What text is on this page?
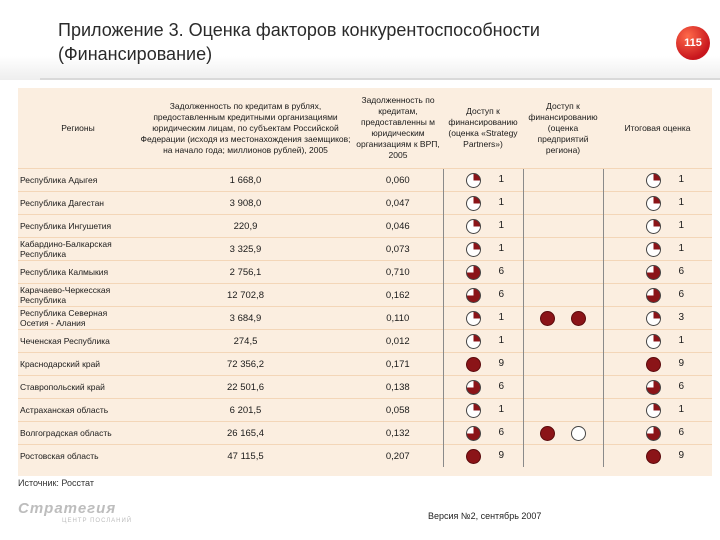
Приложение 3. Оценка факторов конкурентоспособности (Финансирование)
115
Регионы	Задолженность по кредитам в рублях, предоставленным кредитными организациями юридическим лицам, по субъектам Российской Федерации (исходя из местонахождения заемщиков; на начало года; миллионов рублей), 2005	Задолженность по кредитам, предоставленны м юридическим организациям к ВРП, 2005	Доступ к финансированию (оценка «Strategy Partners»)	Доступ к финансированию (оценка предприятий региона)	Итоговая оценка
Республика Адыгея	1 668,0	0,060	1		1
Республика Дагестан	3 908,0	0,047	1		1
Республика Ингушетия	220,9	0,046	1		1
Кабардино-Балкарская Республика	3 325,9	0,073	1		1
Республика Калмыкия	2 756,1	0,710	6		6
Карачаево-Черкесская Республика	12 702,8	0,162	6		6
Республика Северная Осетия - Алания	3 684,9	0,110	1		3
Чеченская Республика	274,5	0,012	1		1
Краснодарский край	72 356,2	0,171	9		9
Ставропольский край	22 501,6	0,138	6		6
Астраханская область	6 201,5	0,058	1		1
Волгоградская область	26 165,4	0,132	6		6
Ростовская область	47 115,5	0,207	9		9
Источник: Росстат
Стратегия
ЦЕНТР ПОСЛАНИЙ	Версия №2, сентябрь 2007
